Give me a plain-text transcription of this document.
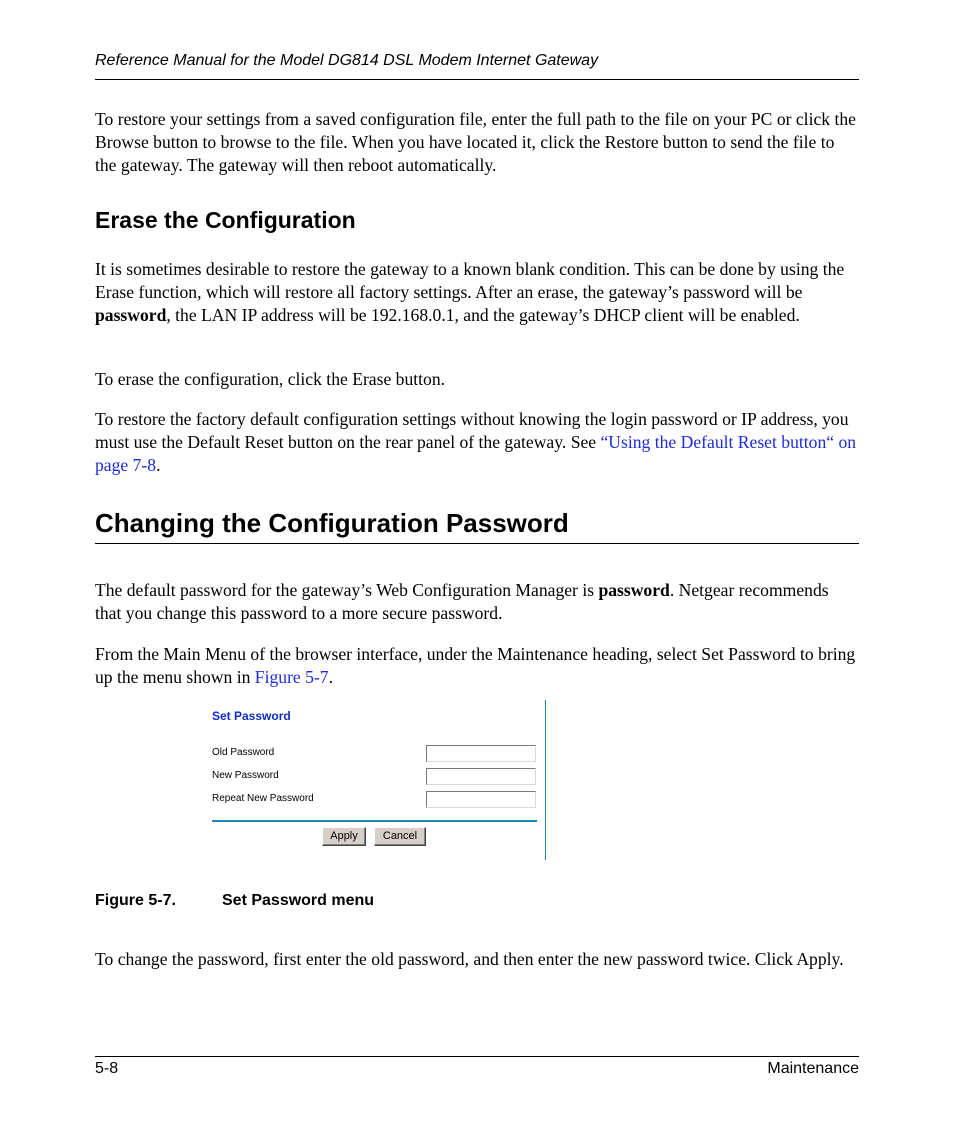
Reference Manual for the Model DG814 DSL Modem Internet Gateway
To restore your settings from a saved configuration file, enter the full path to the file on your PC or click the Browse button to browse to the file. When you have located it, click the Restore button to send the file to the gateway. The gateway will then reboot automatically.
Erase the Configuration
It is sometimes desirable to restore the gateway to a known blank condition. This can be done by using the Erase function, which will restore all factory settings. After an erase, the gateway’s password will be password, the LAN IP address will be 192.168.0.1, and the gateway’s DHCP client will be enabled.
To erase the configuration, click the Erase button.
To restore the factory default configuration settings without knowing the login password or IP address, you must use the Default Reset button on the rear panel of the gateway. See “Using the Default Reset button“ on page 7-8.
Changing the Configuration Password
The default password for the gateway’s Web Configuration Manager is password. Netgear recommends that you change this password to a more secure password.
From the Main Menu of the browser interface, under the Maintenance heading, select Set Password to bring up the menu shown in Figure 5-7.
Set Password
Old Password
New Password
Repeat New Password
Apply	Cancel
Figure 5-7.	Set Password menu
To change the password, first enter the old password, and then enter the new password twice. Click Apply.
5-8	Maintenance
